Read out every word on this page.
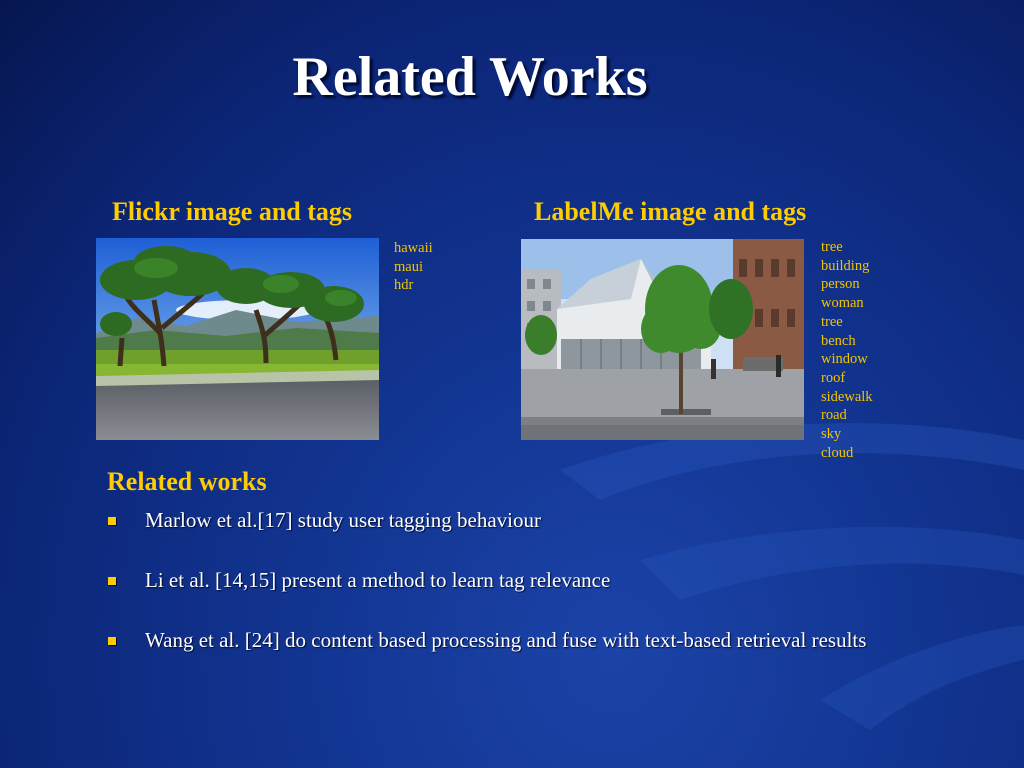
Related Works
Flickr image and tags	LabelMe image and tags
hawaii
maui
hdr
tree
building
person
woman
tree
bench
window
roof
sidewalk
road
sky
cloud
Related works
Marlow et al.[17] study user tagging behaviour
Li et al. [14,15] present a method to learn tag relevance
Wang et al. [24] do content based processing and fuse with text-based retrieval results
